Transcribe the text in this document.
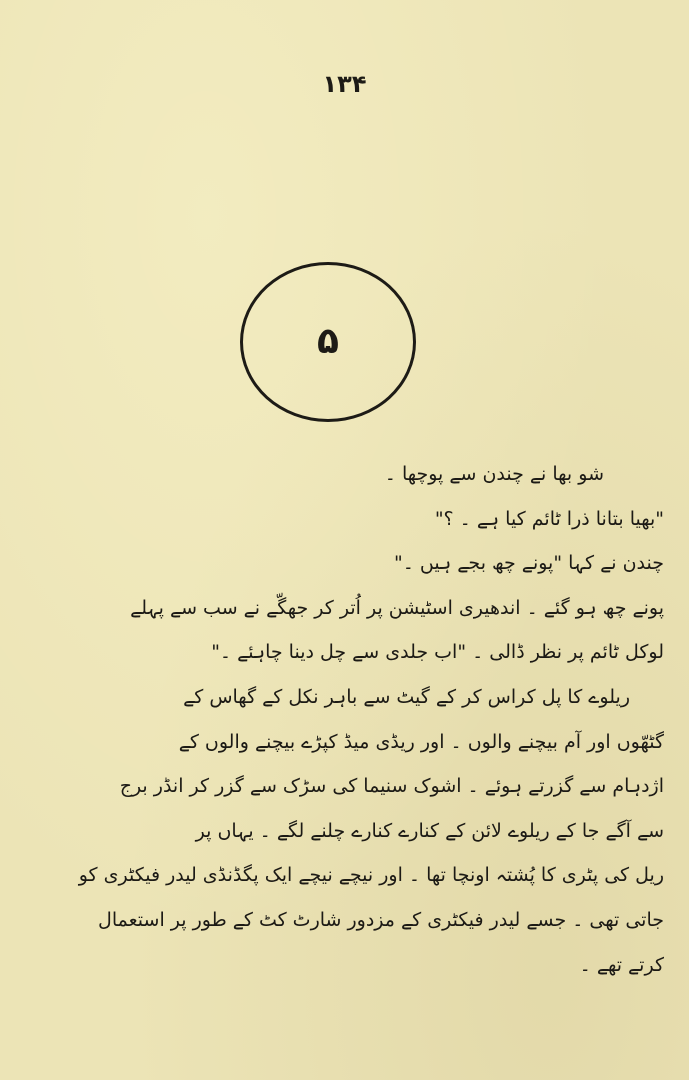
۱۳۴
۵
شو بھا نے چندن سے پوچھا ۔
"بھیا بتانا ذرا ٹائم کیا ہے ۔ ؟"
چندن نے کہا "پونے چھ بجے ہیں ۔"
پونے چھ ہو گئے ۔ اندھیری اسٹیشن پر اُتر کر جھگّے نے سب سے پہلے
لوکل ٹائم پر نظر ڈالی ۔ "اب جلدی سے چل دینا چاہئے ۔"
ریلوے کا پل کراس کر کے گیٹ سے باہر نکل کے گھاس کے
گٹھّوں اور آم بیچنے والوں ۔ اور ریڈی میڈ کپڑے بیچنے والوں کے
اژدہام سے گزرتے ہوئے ۔ اشوک سنیما کی سڑک سے گزر کر انڈر برج
سے آگے جا کے ریلوے لائن کے کنارے کنارے چلنے لگے ۔ یہاں پر
ریل کی پٹری کا پُشتہ اونچا تھا ۔ اور نیچے نیچے ایک پگڈنڈی لیدر فیکٹری کو
جاتی تھی ۔ جسے لیدر فیکٹری کے مزدور شارٹ کٹ کے طور پر استعمال
کرتے تھے ۔
